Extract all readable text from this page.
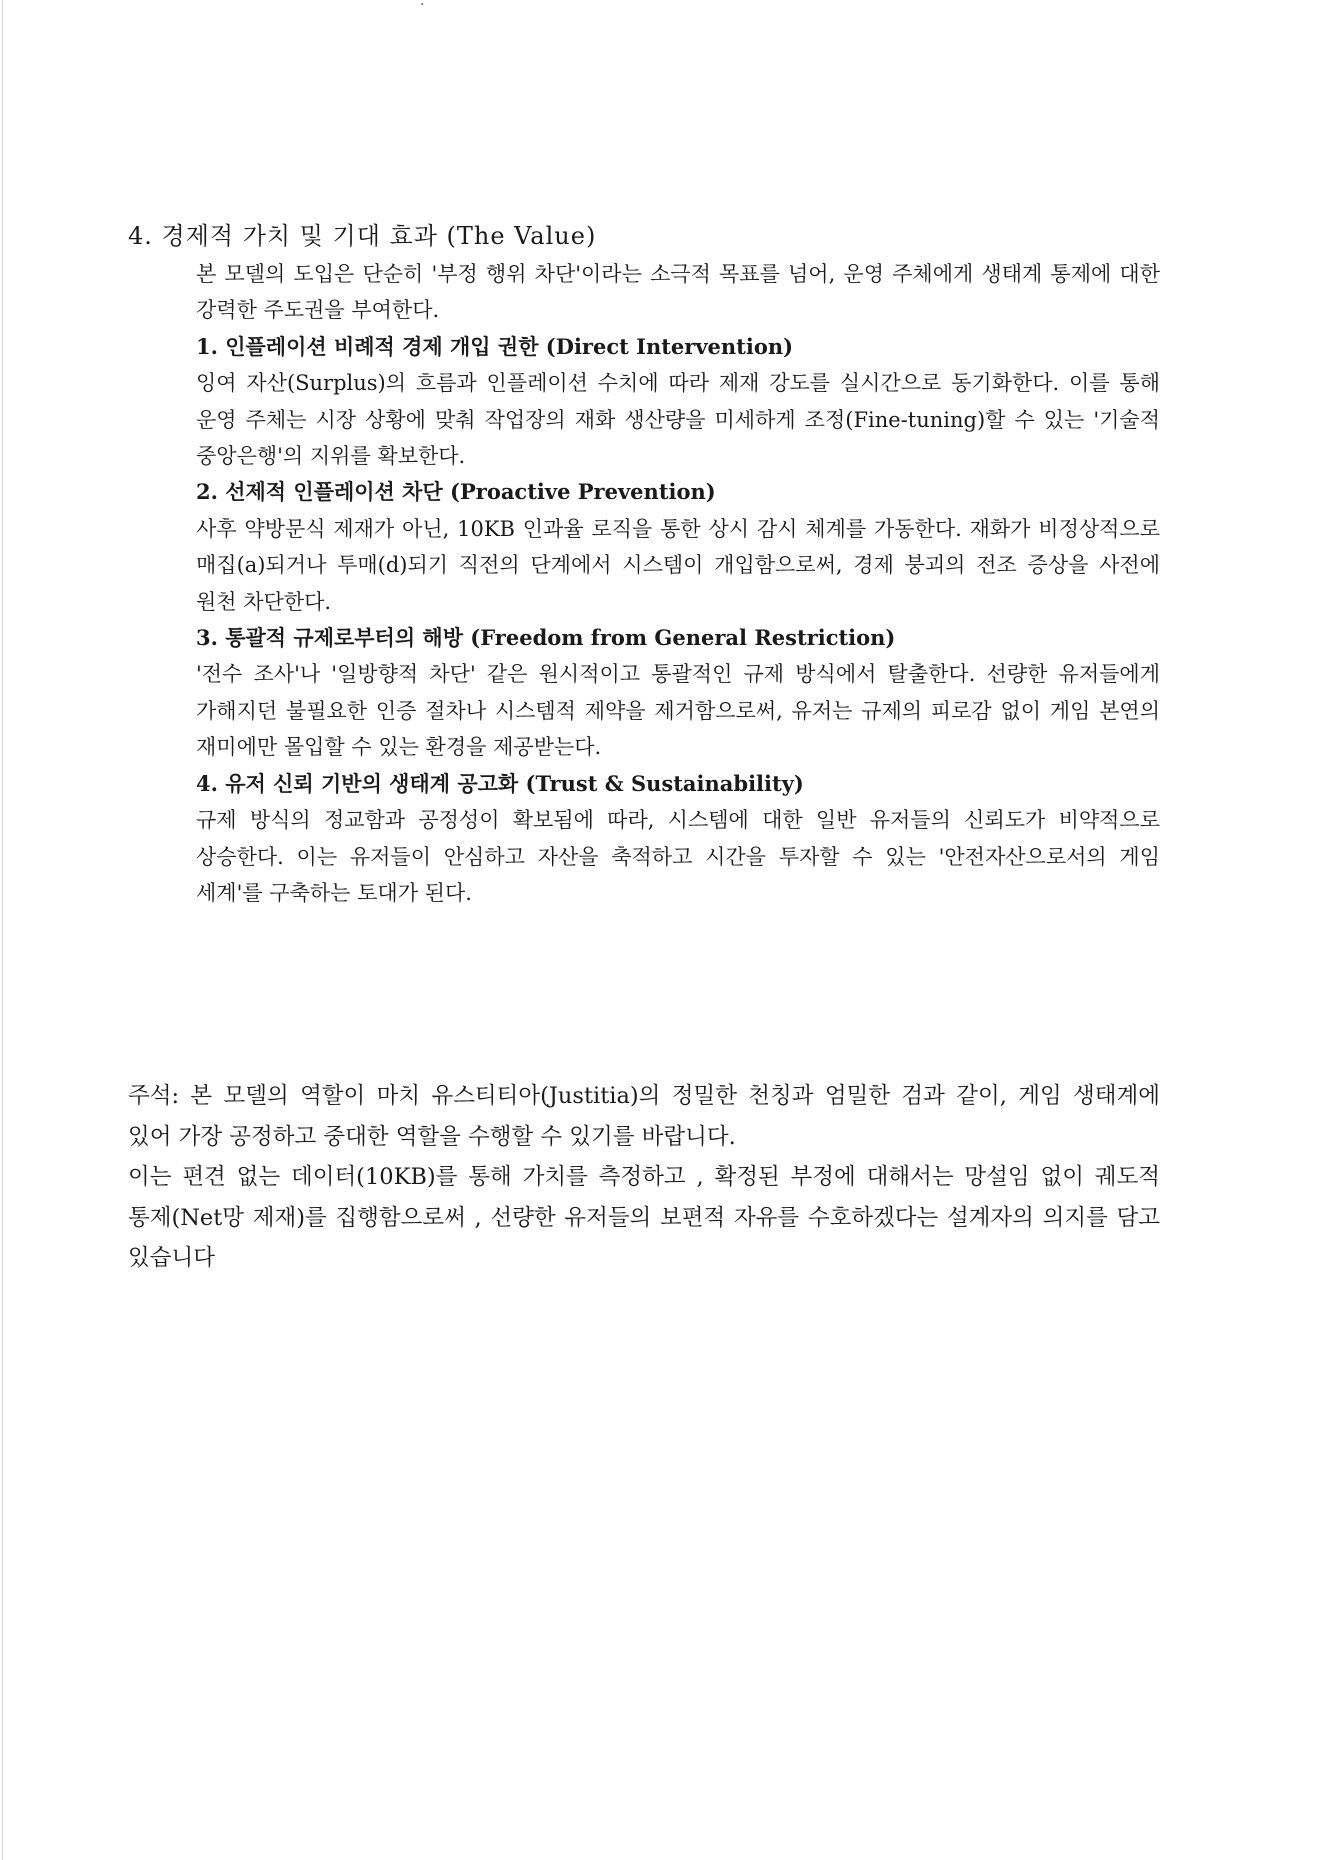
·
4. 경제적 가치 및 기대 효과 (The Value)

본 모델의 도입은 단순히 '부정 행위 차단'이라는 소극적 목표를 넘어, 운영 주체에게 생태계 통제에 대한 강력한 주도권을 부여한다.

1. 인플레이션 비례적 경제 개입 권한 (Direct Intervention)

잉여 자산(Surplus)의 흐름과 인플레이션 수치에 따라 제재 강도를 실시간으로 동기화한다. 이를 통해 운영 주체는 시장 상황에 맞춰 작업장의 재화 생산량을 미세하게 조정(Fine-tuning)할 수 있는 '기술적 중앙은행'의 지위를 확보한다.

2. 선제적 인플레이션 차단 (Proactive Prevention)

사후 약방문식 제재가 아닌, 10KB 인과율 로직을 통한 상시 감시 체계를 가동한다. 재화가 비정상적으로 매집(a)되거나 투매(d)되기 직전의 단계에서 시스템이 개입함으로써, 경제 붕괴의 전조 증상을 사전에 원천 차단한다.

3. 통괄적 규제로부터의 해방 (Freedom from General Restriction)

'전수 조사'나 '일방향적 차단' 같은 원시적이고 통괄적인 규제 방식에서 탈출한다. 선량한 유저들에게 가해지던 불필요한 인증 절차나 시스템적 제약을 제거함으로써, 유저는 규제의 피로감 없이 게임 본연의 재미에만 몰입할 수 있는 환경을 제공받는다.

4. 유저 신뢰 기반의 생태계 공고화 (Trust & Sustainability)

규제 방식의 정교함과 공정성이 확보됨에 따라, 시스템에 대한 일반 유저들의 신뢰도가 비약적으로 상승한다. 이는 유저들이 안심하고 자산을 축적하고 시간을 투자할 수 있는 '안전자산으로서의 게임 세계'를 구축하는 토대가 된다.

주석: 본 모델의 역할이 마치 유스티티아(Justitia)의 정밀한 천칭과 엄밀한 검과 같이, 게임 생태계에 있어 가장 공정하고 중대한 역할을 수행할 수 있기를 바랍니다.

이는 편견 없는 데이터(10KB)를 통해 가치를 측정하고 , 확정된 부정에 대해서는 망설임 없이 궤도적 통제(Net망 제재)를 집행함으로써 , 선량한 유저들의 보편적 자유를 수호하겠다는 설계자의 의지를 담고 있습니다
